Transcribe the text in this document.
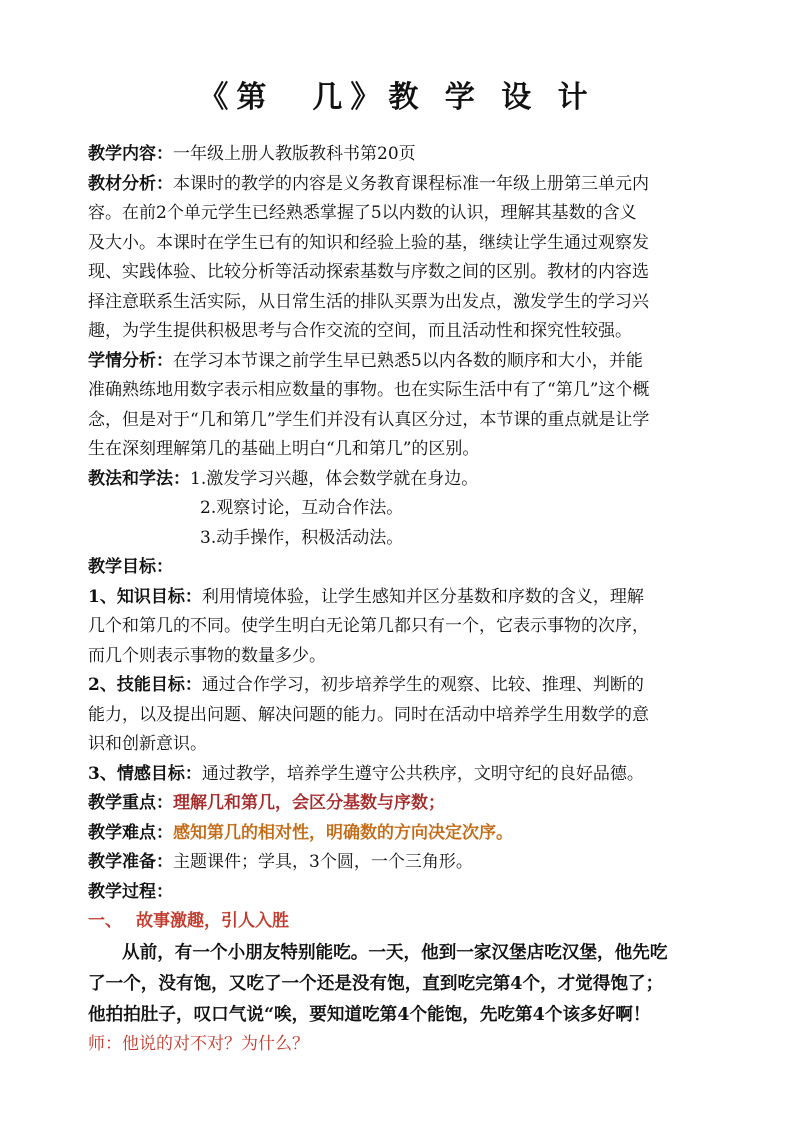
《第　几》教 学 设 计
教学内容：一年级上册人教版教科书第20页
教材分析：本课时的教学的内容是义务教育课程标准一年级上册第三单元内
容。在前2个单元学生已经熟悉掌握了5以内数的认识，理解其基数的含义
及大小。本课时在学生已有的知识和经验上验的基，继续让学生通过观察发
现、实践体验、比较分析等活动探索基数与序数之间的区别。教材的内容选
择注意联系生活实际，从日常生活的排队买票为出发点，激发学生的学习兴
趣，为学生提供积极思考与合作交流的空间，而且活动性和探究性较强。
学情分析：在学习本节课之前学生早已熟悉5以内各数的顺序和大小，并能
准确熟练地用数字表示相应数量的事物。也在实际生活中有了“第几”这个概
念，但是对于“几和第几”学生们并没有认真区分过，本节课的重点就是让学
生在深刻理解第几的基础上明白“几和第几”的区别。
教法和学法：1.激发学习兴趣，体会数学就在身边。
2.观察讨论，互动合作法。
3.动手操作，积极活动法。
教学目标：
1、知识目标：利用情境体验，让学生感知并区分基数和序数的含义，理解
几个和第几的不同。使学生明白无论第几都只有一个，它表示事物的次序，
而几个则表示事物的数量多少。
2、技能目标：通过合作学习，初步培养学生的观察、比较、推理、判断的
能力，以及提出问题、解决问题的能力。同时在活动中培养学生用数学的意
识和创新意识。
3、情感目标：通过教学，培养学生遵守公共秩序，文明守纪的良好品德。
教学重点：理解几和第几，会区分基数与序数；
教学难点：感知第几的相对性，明确数的方向决定次序。
教学准备：主题课件；学具，3个圆，一个三角形。
教学过程：
一、 故事激趣，引人入胜
从前，有一个小朋友特别能吃。一天，他到一家汉堡店吃汉堡，他先吃
了一个，没有饱，又吃了一个还是没有饱，直到吃完第4个，才觉得饱了；
他拍拍肚子，叹口气说“唉，要知道吃第4个能饱，先吃第4个该多好啊！
师：他说的对不对？为什么？
